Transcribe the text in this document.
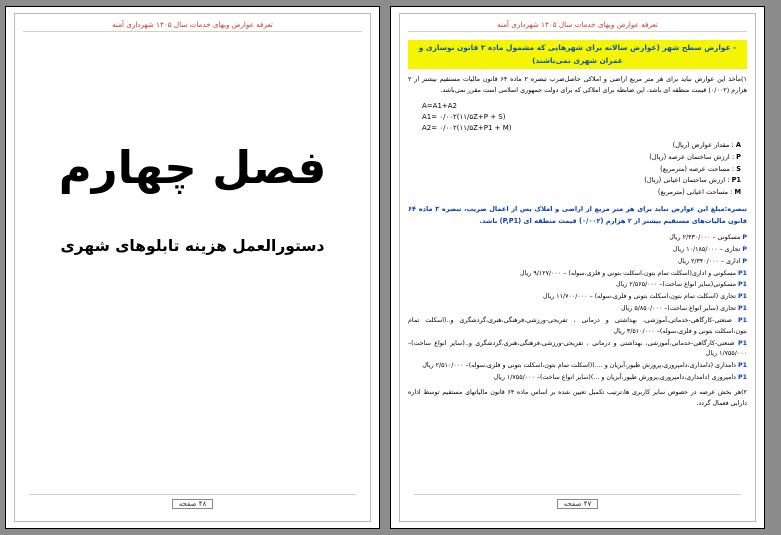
تعرفه عوارض وبهای خدمات سال ۱۴۰۵ شهرداری آمنه
فصل چهارم
دستورالعمل هزینه تابلوهای شهری
۴۸ صفحه
تعرفه عوارض وبهای خدمات سال ۱۴۰۵ شهرداری آمنه
- عوارض سطح شهر (عوارض سالانه برای شهرهایی که مشمول ماده ۲ قانون نوسازی و عمران شهری نمی‌باشند)
۱)مأخذ این عوارض نباید برای هر متر مربع اراضی و املاکی حاصل‌ضرب تبصره ۲ ماده ۶۴ قانون مالیات مستقیم بیشتر از ۲ هزارم (۰/۰۰۲) قیمت منطقه ای باشد، این ضابطه برای املاکی که برای دولت جمهوری اسلامی است مقرر نمی‌باشد.
A=A1+A2
A1= ۰/۰۰۲(۱۱/۵Z+P + S)
A2= ۰/۰۰۲(۱۱/۵Z+P1 + M)
A : مقدار عوارض (ریال)
P : ارزش ساختمان عرصه (ریال)
S : مساحت عرصه (مترمربع)
P1 : ارزش ساختمان اعیانی (ریال)
M : مساحت اعیانی (مترمربع)
تبصره:مبلغ این عوارض نباید برای هر متر مربع از اراضی و املاک پس از اعمال ضریب، تبصره ۳ ماده ۶۴ قانون مالیات‌های مستقیم بیشتر از ۲ هزارم (۰/۰۰۲) قیمت منطقه ای (P,P1) باشد.
P مسکونی – ۲/۴۳۰/۰۰۰ ریال
P تجاری – ۱۰/۱۸۵/۰۰۰ ریال
P اداری – ۲/۳۴۰/۰۰۰ ریال
P1 مسکونی و اداری(اسکلت تمام بتون،اسکلت بتونی و فلزی،سوله) – ۹/۱۲۷/۰۰۰ ریال
P1 مسکونی(سایر انواع ساخت)– ۲/۵۶۵/۰۰۰ ریال
P1 تجاری (اسکلت تمام بتون،اسکلت بتونی و فلزی،سوله) – ۱۱/۷۰۰/۰۰۰ ریال
P1 تجاری (سایر انواع ساخت)– ۵/۸۵۰/۰۰۰ ریال
P1 صنعتی-کارگاهی-خدماتی،آموزشی، بهداشتی و درمانی ، تفریحی-ورزشی،فرهنگی،هنری،گردشگری و..(اسکلت تمام بتون،اسکلت بتونی و فلزی،سوله)– ۳/۵۱۰/۰۰۰ ریال
P1 صنعتی-کارگاهی-خدماتی،آموزشی، بهداشتی و درمانی ، تفریحی-ورزشی،فرهنگی،هنری،گردشگری و..(سایر انواع ساخت)– ۱/۷۵۵/۰۰۰ ریال
P1 دامداری (دامداری،دامپروری،پرورش طیور،آبزیان و ....)(اسکلت تمام بتون،اسکلت بتونی و فلزی،سوله)– ۲/۵۱۰/۰۰۰ ریال
P1 دامپروری (دامداری،دامپروری،پرورش طیور،آبزیان و ...)(سایر انواع ساخت)– ۱/۷۵۵/۰۰۰ ریال
۲)هر بخش عرصه در خصوص سایر کاربری ها،ترتیب تکمیل تعیین شده بر اساس ماده ۶۴ قانون مالیاتهای مستقیم توسط اداره دارایی فعمال گردد.
۴۷ صفحه
